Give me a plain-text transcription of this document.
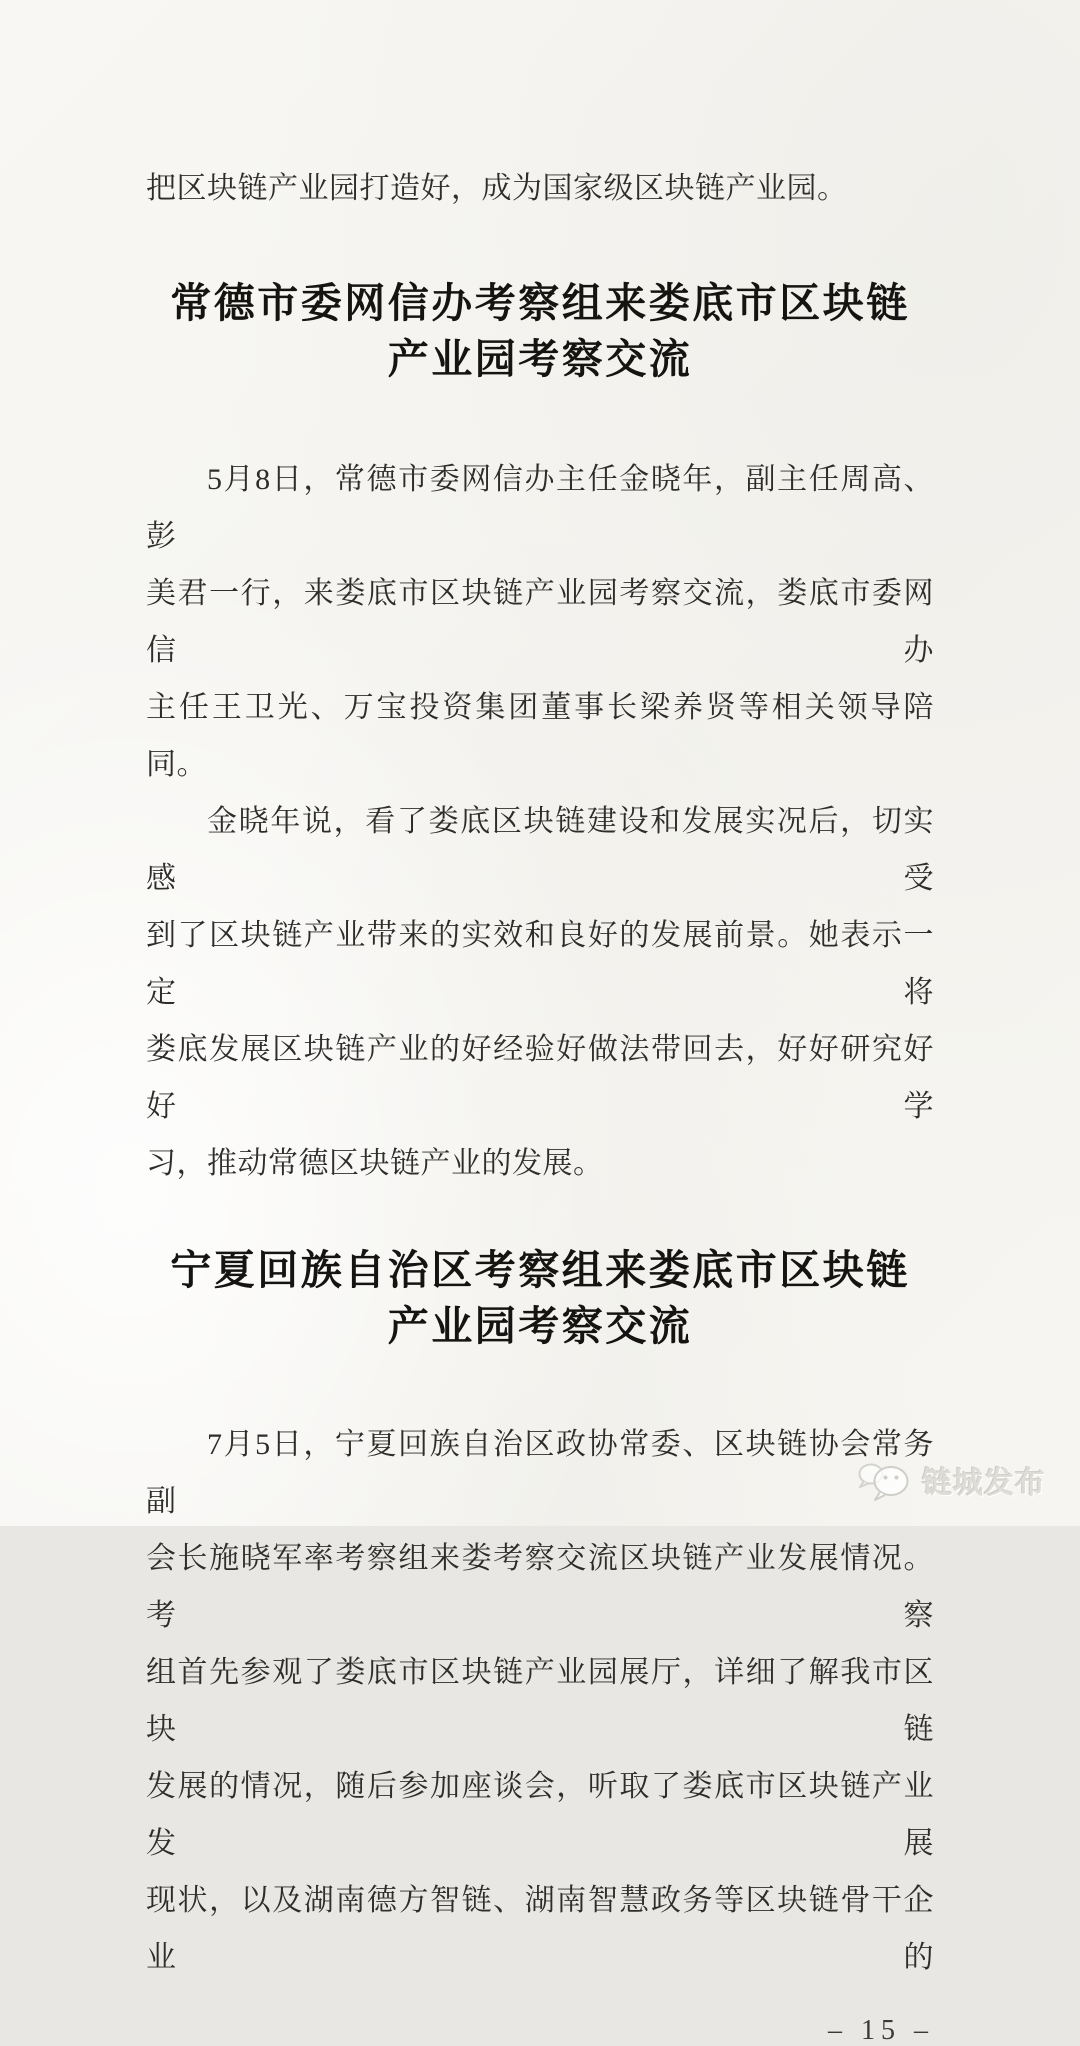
把区块链产业园打造好，成为国家级区块链产业园。
常德市委网信办考察组来娄底市区块链
产业园考察交流
5月8日，常德市委网信办主任金晓年，副主任周高、彭
美君一行，来娄底市区块链产业园考察交流，娄底市委网信办
主任王卫光、万宝投资集团董事长梁养贤等相关领导陪同。
金晓年说，看了娄底区块链建设和发展实况后，切实感受
到了区块链产业带来的实效和良好的发展前景。她表示一定将
娄底发展区块链产业的好经验好做法带回去，好好研究好好学
习，推动常德区块链产业的发展。
宁夏回族自治区考察组来娄底市区块链
产业园考察交流
7月5日，宁夏回族自治区政协常委、区块链协会常务副
会长施晓军率考察组来娄考察交流区块链产业发展情况。考察
组首先参观了娄底市区块链产业园展厅，详细了解我市区块链
发展的情况，随后参加座谈会，听取了娄底市区块链产业发展
现状，以及湖南德方智链、湖南智慧政务等区块链骨干企业的
– 15 –
链城发布
